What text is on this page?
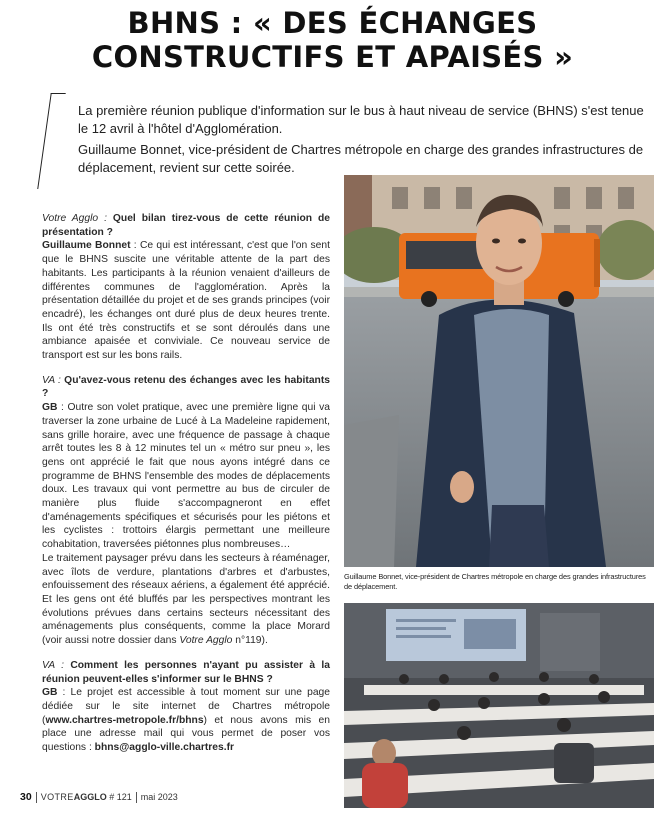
BHNS : « DES ÉCHANGES
CONSTRUCTIFS ET APAISÉS »

La première réunion publique d'information sur le bus à haut niveau de service (BHNS) s'est tenue le 12 avril à l'hôtel d'Agglomération.

Guillaume Bonnet, vice-président de Chartres métropole en charge des grandes infrastructures de déplacement, revient sur cette soirée.

Votre Agglo : Quel bilan tirez-vous de cette réunion de présentation ?
Guillaume Bonnet : Ce qui est intéressant, c'est que l'on sent que le BHNS suscite une véritable attente de la part des habitants. Les participants à la réunion venaient d'ailleurs de différentes communes de l'agglomération. Après la présentation détaillée du projet et de ses grands principes (voir encadré), les échanges ont duré plus de deux heures trente. Ils ont été très constructifs et se sont déroulés dans une ambiance apaisée et conviviale. Ce nouveau service de transport est sur les bons rails.

VA : Qu'avez-vous retenu des échanges avec les habitants ?
GB : Outre son volet pratique, avec une première ligne qui va traverser la zone urbaine de Lucé à La Madeleine rapidement, sans grille horaire, avec une fréquence de passage à chaque arrêt toutes les 8 à 12 minutes tel un « métro sur pneu », les gens ont apprécié le fait que nous ayons intégré dans ce programme de BHNS l'ensemble des modes de déplacements doux. Les travaux qui vont permettre au bus de circuler de manière plus fluide s'accompagneront en effet d'aménagements spécifiques et sécurisés pour les piétons et les cyclistes : trottoirs élargis permettant une meilleure cohabitation, traversées piétonnes plus nombreuses…

Le traitement paysager prévu dans les secteurs à réaménager, avec îlots de verdure, plantations d'arbres et d'arbustes, enfouissement des réseaux aériens, a également été apprécié. Et les gens ont été bluffés par les perspectives montrant les évolutions prévues dans certains secteurs nécessitant des aménagements plus conséquents, comme la place Morard (voir aussi notre dossier dans Votre Agglo n°119).

VA : Comment les personnes n'ayant pu assister à la réunion peuvent-elles s'informer sur le BHNS ?
GB : Le projet est accessible à tout moment sur une page dédiée sur le site internet de Chartres métropole (www.chartres-metropole.fr/bhns) et nous avons mis en place une adresse mail qui vous permet de poser vos questions : bhns@agglo-ville.chartres.fr

Guillaume Bonnet, vice-président de Chartres métropole en charge des grandes infrastructures de déplacement.
30 VOTREAGGLO # 121 mai 2023
